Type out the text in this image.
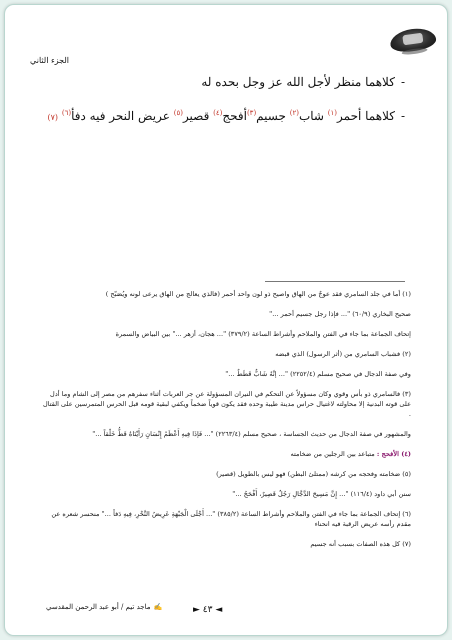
الجزء الثاني
-كلاهما منظر لأجل الله عز وجل بحده له
-كلاهما أحمر$^{(١)}$ شاب$^{(٢)}$ جسيم$^{(٣)}$أفحج$^{(٤)}$ قصير$^{(٥)}$ عريض النحر فيه دفأ$^{(٦)}$ (٧)
(١) أما في جلد السامري فقد عوجٌ من الهاق واصيح ذو لون واحد أحمر (فالذي يعالج من الهاق يرعى لونه ويُصَبّح )
صحيح البخاري (٦٠/٩) "... فإذا رجل جسيم أحمر ..."
إتحاف الجماعة بما جاء في الفتن والملاحم وأشراط الساعة (٣٧٩/٢) "... هجان، أزهر ..." بين البياض والسمرة
(٢) فشباب السامري من (أثر الرسول) الذي قبضه
وفي صفة الدجال في صحيح مسلم (٢٢٥٢/٤) "... إنَّهُ شَابٌّ قَطَطٌ ..."
(٣) فالسامري ذو بأس وقوي وكان مسؤولاً عن التحكم في النيران المسؤولة عن جر العربات أثناء سفرهم من مصر إلى الشام وما أدل على قوته البدنية إلا محاولته لاغتيال حراس مدينة طيبة وحده فقد يكون قوياً ضخماً ويكفي لبقية قومه قبل الحرس المتمرسين على القتال .
والمشهور في صفة الدجال من حديث الجساسة ، صحيح مسلم (٢٢٦٣/٤) "... فَإذَا فِيهِ أَعْظَمُ إِنْسَانٍ رَأَيْنَاهُ قَطُّ خَلْقاً ..."
(٤) الأفحج : متباعد بين الرجلين من ضخامته
(٥) ضخامته وفحجه من كرشه (ممتلئ البطن) فهو ليس بالطويل (قصير)
سنن أبي داود (١١٦/٤) "... إِنَّ مَسِيحَ الدَّجَّالِ رَجُلٌ قَصِيرٌ، أَفْحَجُ ..."
(٦) إتحاف الجماعة بما جاء في الفتن والملاحم وأشراط الساعة (٣٨٥/٢) "... أَجْلَى الْجَبْهَةِ عَرِيضُ النَّحْرِ، فِيهِ دَفاً ..." منحسر شعره عن مقدم رأسه عريض الرقبة فيه انحناء
(٧) كل هذه الصفات بسبب أنه جسيم
✍ماجد تيم / أبو عبد الرحمن المقدسي	◄ ٤٣ ►
